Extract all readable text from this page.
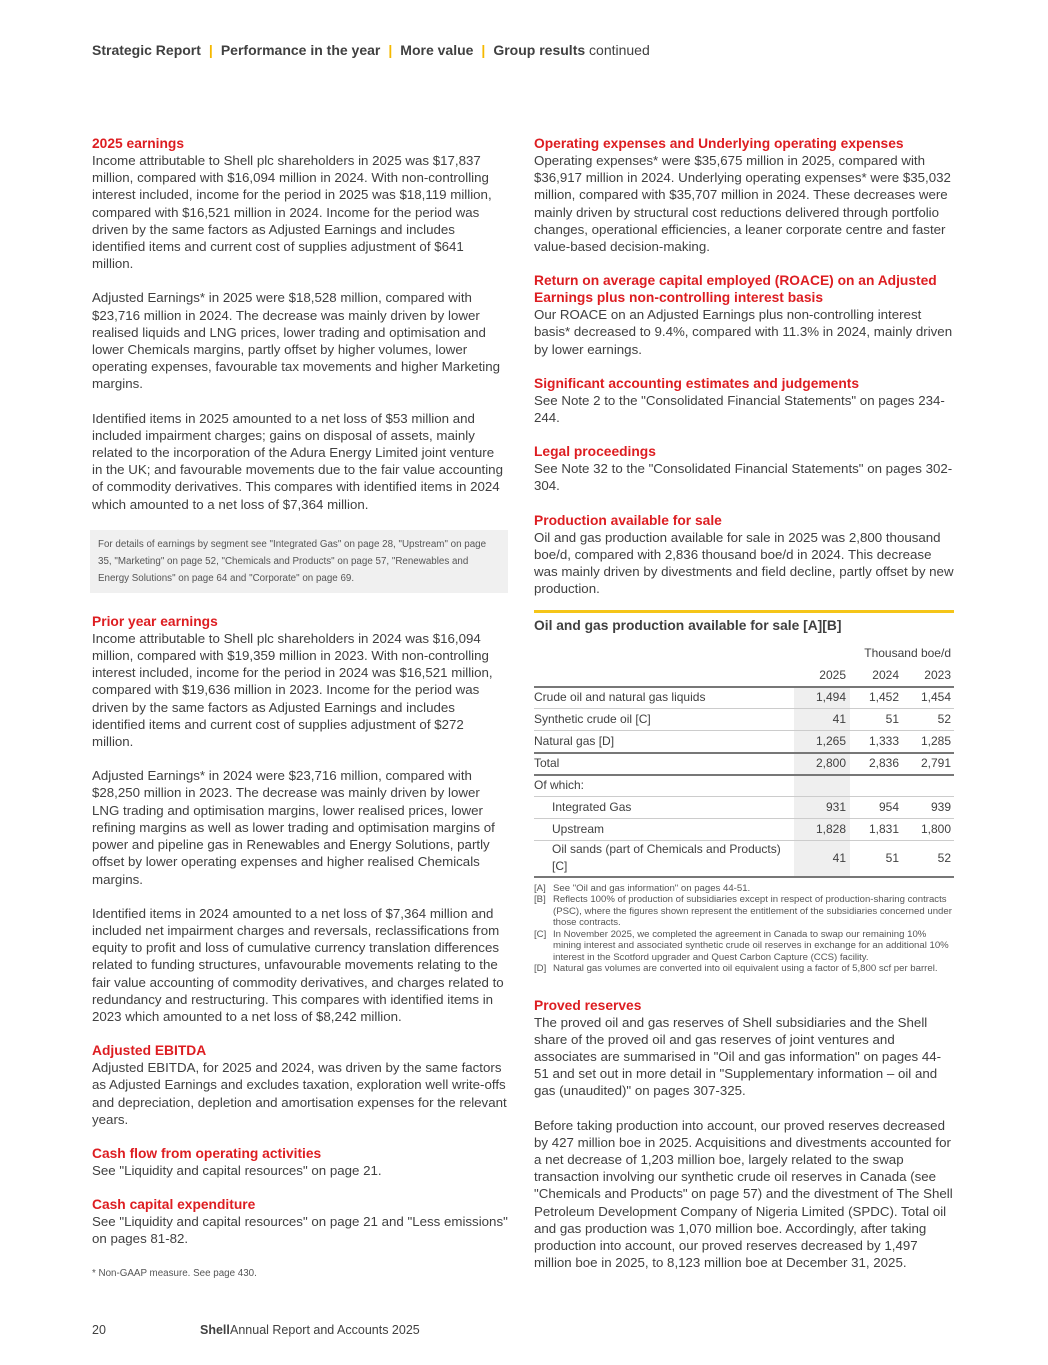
Strategic Report | Performance in the year | More value | Group results continued
2025 earnings

Income attributable to Shell plc shareholders in 2025 was $17,837 million, compared with $16,094 million in 2024. With non-controlling interest included, income for the period in 2025 was $18,119 million, compared with $16,521 million in 2024. Income for the period was driven by the same factors as Adjusted Earnings and includes identified items and current cost of supplies adjustment of $641 million.

Adjusted Earnings* in 2025 were $18,528 million, compared with $23,716 million in 2024. The decrease was mainly driven by lower realised liquids and LNG prices, lower trading and optimisation and lower Chemicals margins, partly offset by higher volumes, lower operating expenses, favourable tax movements and higher Marketing margins.

Identified items in 2025 amounted to a net loss of $53 million and included impairment charges; gains on disposal of assets, mainly related to the incorporation of the Adura Energy Limited joint venture in the UK; and favourable movements due to the fair value accounting of commodity derivatives. This compares with identified items in 2024 which amounted to a net loss of $7,364 million.

For details of earnings by segment see "Integrated Gas" on page 28, "Upstream" on page 35, "Marketing" on page 52, "Chemicals and Products" on page 57, "Renewables and Energy Solutions" on page 64 and "Corporate" on page 69.
Prior year earnings

Income attributable to Shell plc shareholders in 2024 was $16,094 million, compared with $19,359 million in 2023. With non-controlling interest included, income for the period in 2024 was $16,521 million, compared with $19,636 million in 2023. Income for the period was driven by the same factors as Adjusted Earnings and includes identified items and current cost of supplies adjustment of $272 million.

Adjusted Earnings* in 2024 were $23,716 million, compared with $28,250 million in 2023. The decrease was mainly driven by lower LNG trading and optimisation margins, lower realised prices, lower refining margins as well as lower trading and optimisation margins of power and pipeline gas in Renewables and Energy Solutions, partly offset by lower operating expenses and higher realised Chemicals margins.

Identified items in 2024 amounted to a net loss of $7,364 million and included net impairment charges and reversals, reclassifications from equity to profit and loss of cumulative currency translation differences related to funding structures, unfavourable movements relating to the fair value accounting of commodity derivatives, and charges related to redundancy and restructuring. This compares with identified items in 2023 which amounted to a net loss of $8,242 million.

Adjusted EBITDA

Adjusted EBITDA, for 2025 and 2024, was driven by the same factors as Adjusted Earnings and excludes taxation, exploration well write-offs and depreciation, depletion and amortisation expenses for the relevant years.

Cash flow from operating activities

See "Liquidity and capital resources" on page 21.

Cash capital expenditure

See "Liquidity and capital resources" on page 21 and "Less emissions" on pages 81-82.

* Non-GAAP measure. See page 430.
Operating expenses and Underlying operating expenses

Operating expenses* were $35,675 million in 2025, compared with $36,917 million in 2024. Underlying operating expenses* were $35,032 million, compared with $35,707 million in 2024. These decreases were mainly driven by structural cost reductions delivered through portfolio changes, operational efficiencies, a leaner corporate centre and faster value-based decision-making.

Return on average capital employed (ROACE) on an Adjusted Earnings plus non-controlling interest basis

Our ROACE on an Adjusted Earnings plus non-controlling interest basis* decreased to 9.4%, compared with 11.3% in 2024, mainly driven by lower earnings.

Significant accounting estimates and judgements

See Note 2 to the "Consolidated Financial Statements" on pages 234-244.

Legal proceedings

See Note 32 to the "Consolidated Financial Statements" on pages 302-304.

Production available for sale

Oil and gas production available for sale in 2025 was 2,800 thousand boe/d, compared with 2,836 thousand boe/d in 2024. This decrease was mainly driven by divestments and field decline, partly offset by new production.

Oil and gas production available for sale [A][B]
	Thousand boe/d		
	2025	2024	2023
Crude oil and natural gas liquids	1,494	1,452	1,454
Synthetic crude oil [C]	41	51	52
Natural gas [D]	1,265	1,333	1,285
Total	2,800	2,836	2,791
Of which:			
Integrated Gas	931	954	939
Upstream	1,828	1,831	1,800
Oil sands (part of Chemicals and Products) [C]	41	51	52
[A] See "Oil and gas information" on pages 44-51.
[B] Reflects 100% of production of subsidiaries except in respect of production-sharing contracts (PSC), where the figures shown represent the entitlement of the subsidiaries concerned under those contracts.
[C] In November 2025, we completed the agreement in Canada to swap our remaining 10% mining interest and associated synthetic crude oil reserves in exchange for an additional 10% interest in the Scotford upgrader and Quest Carbon Capture (CCS) facility.
[D] Natural gas volumes are converted into oil equivalent using a factor of 5,800 scf per barrel.
Proved reserves

The proved oil and gas reserves of Shell subsidiaries and the Shell share of the proved oil and gas reserves of joint ventures and associates are summarised in "Oil and gas information" on pages 44-51 and set out in more detail in "Supplementary information – oil and gas (unaudited)" on pages 307-325.

Before taking production into account, our proved reserves decreased by 427 million boe in 2025. Acquisitions and divestments accounted for a net decrease of 1,203 million boe, largely related to the swap transaction involving our synthetic crude oil reserves in Canada (see "Chemicals and Products" on page 57) and the divestment of The Shell Petroleum Development Company of Nigeria Limited (SPDC). Total oil and gas production was 1,070 million boe. Accordingly, after taking production into account, our proved reserves decreased by 1,497 million boe in 2025, to 8,123 million boe at December 31, 2025.

20	Shell Annual Report and Accounts 2025
